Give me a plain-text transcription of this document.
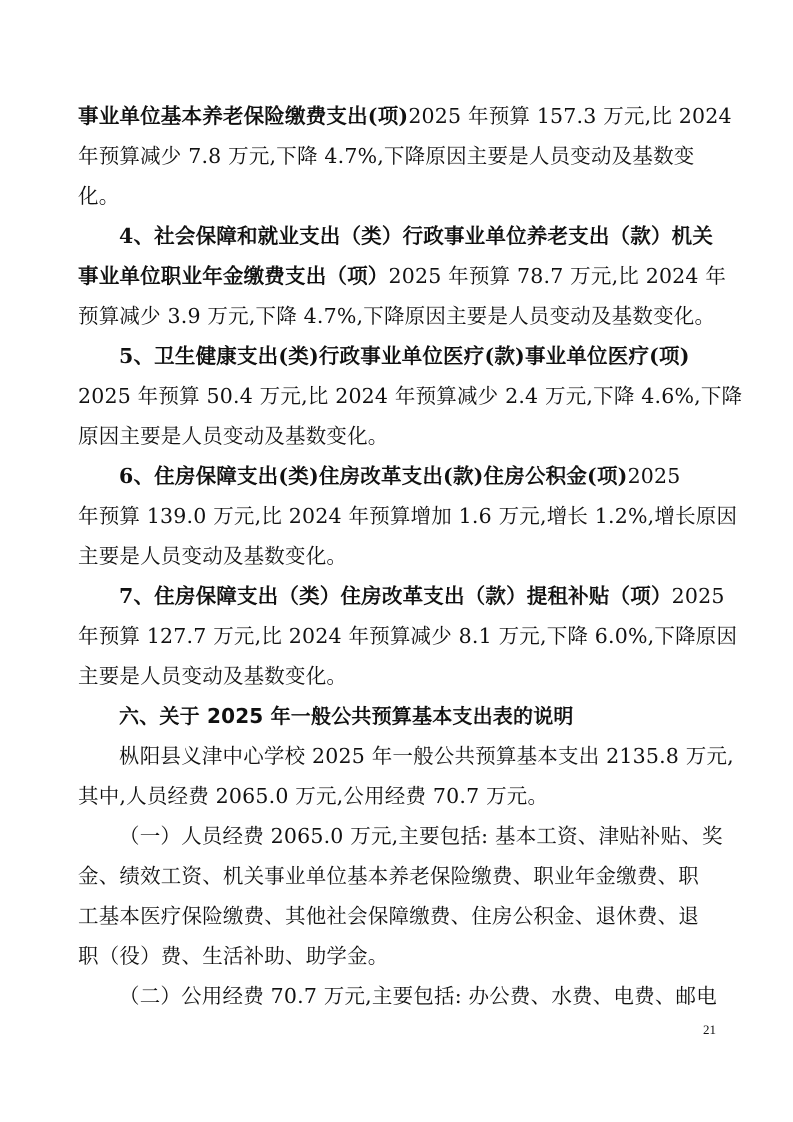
事业单位基本养老保险缴费支出(项)2025 年预算 157.3 万元,比 2024
年预算减少 7.8 万元,下降 4.7%,下降原因主要是人员变动及基数变
化。
4、社会保障和就业支出（类）行政事业单位养老支出（款）机关
事业单位职业年金缴费支出（项）2025 年预算 78.7 万元,比 2024 年
预算减少 3.9 万元,下降 4.7%,下降原因主要是人员变动及基数变化。
5、卫生健康支出(类)行政事业单位医疗(款)事业单位医疗(项)
2025 年预算 50.4 万元,比 2024 年预算减少 2.4 万元,下降 4.6%,下降
原因主要是人员变动及基数变化。
6、住房保障支出(类)住房改革支出(款)住房公积金(项)2025
年预算 139.0 万元,比 2024 年预算增加 1.6 万元,增长 1.2%,增长原因
主要是人员变动及基数变化。
7、住房保障支出（类）住房改革支出（款）提租补贴（项）2025
年预算 127.7 万元,比 2024 年预算减少 8.1 万元,下降 6.0%,下降原因
主要是人员变动及基数变化。
六、关于 2025 年一般公共预算基本支出表的说明
枞阳县义津中心学校 2025 年一般公共预算基本支出 2135.8 万元,
其中,人员经费 2065.0 万元,公用经费 70.7 万元。
（一）人员经费 2065.0 万元,主要包括: 基本工资、津贴补贴、奖
金、绩效工资、机关事业单位基本养老保险缴费、职业年金缴费、职
工基本医疗保险缴费、其他社会保障缴费、住房公积金、退休费、退
职（役）费、生活补助、助学金。
（二）公用经费 70.7 万元,主要包括: 办公费、水费、电费、邮电
21
